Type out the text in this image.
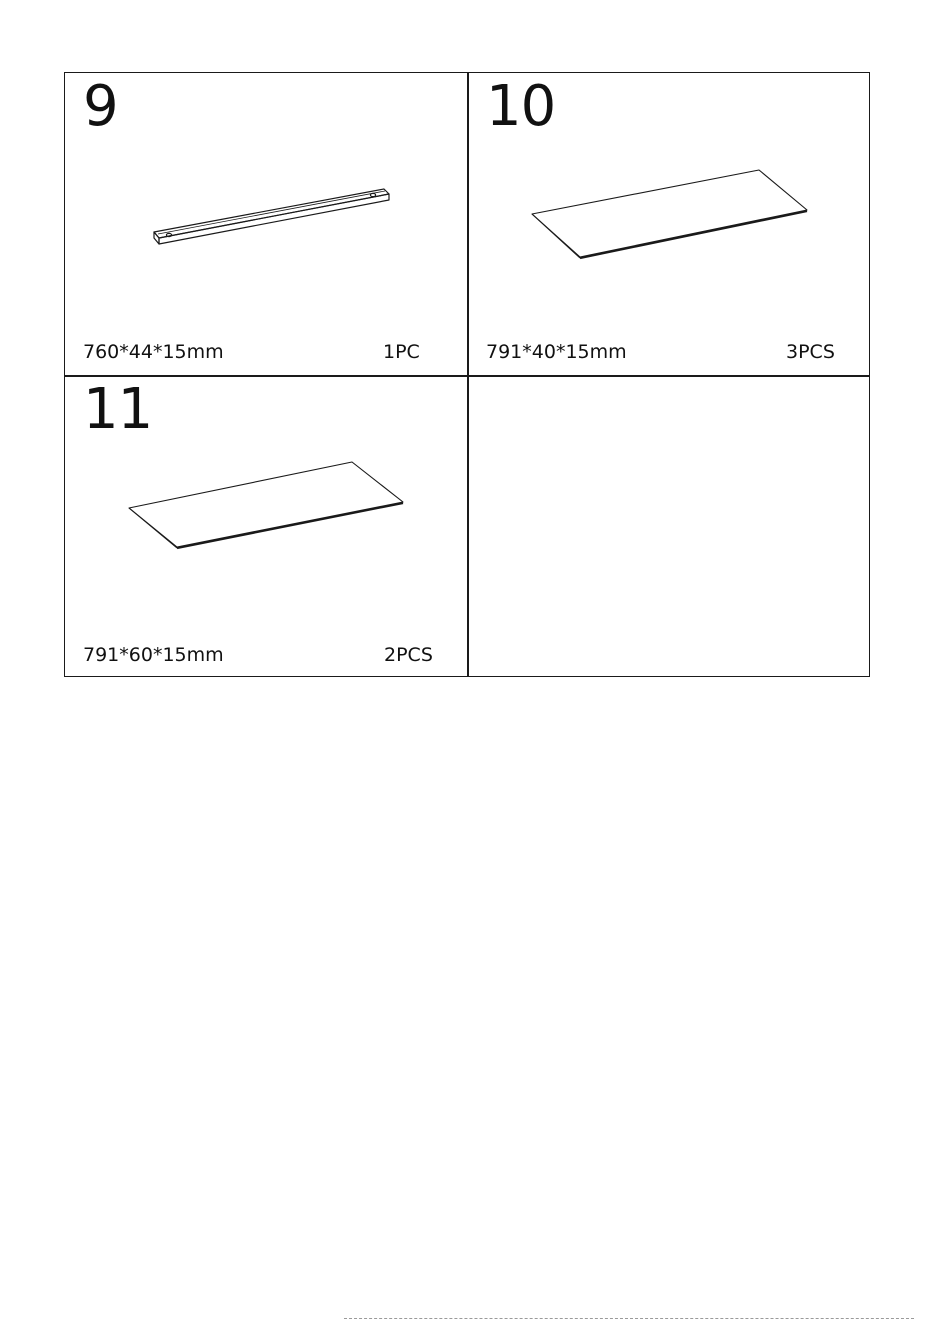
9
760*44*15mm	1PC
10
791*40*15mm	3PCS
11
791*60*15mm	2PCS
